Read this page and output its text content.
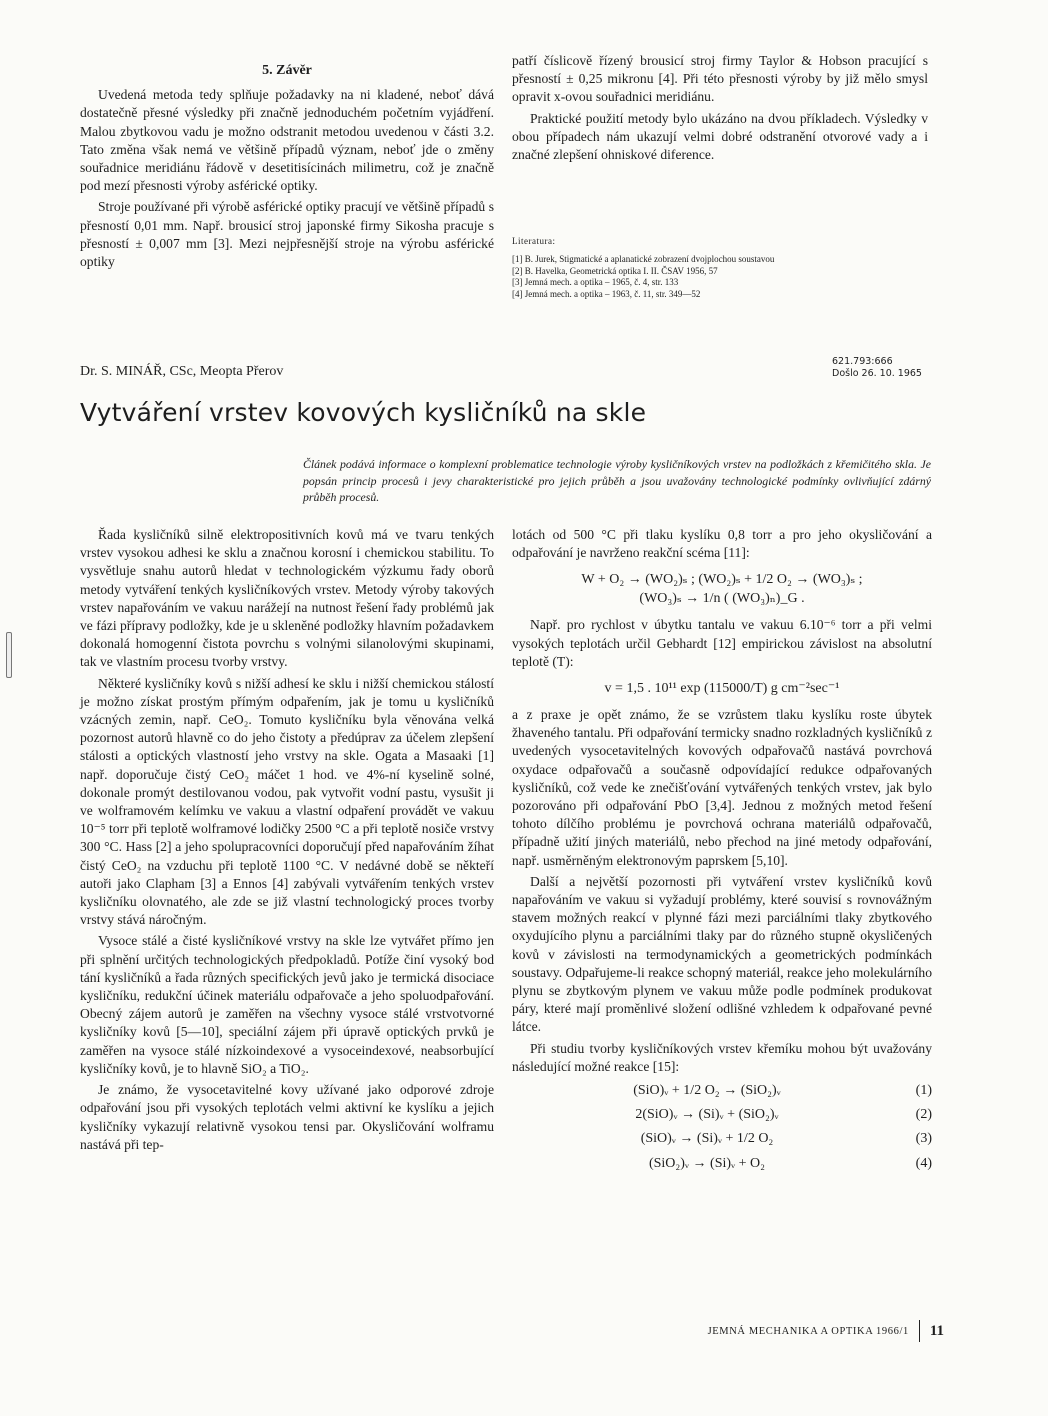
5. Závěr

Uvedená metoda tedy splňuje požadavky na ni kladené, neboť dává dostatečně přesné výsledky při značně jednoduchém početním vyjádření. Malou zbytkovou vadu je možno odstranit metodou uvedenou v části 3.2. Tato změna však nemá ve většině případů význam, neboť jde o změny souřadnice meridiánu řádově v desetitisícinách milimetru, což je značně pod mezí přesnosti výroby asférické optiky.

Stroje používané při výrobě asférické optiky pracují ve většině případů s přesností 0,01 mm. Např. brousicí stroj japonské firmy Sikosha pracuje s přesností ± 0,007 mm [3]. Mezi nejpřesnější stroje na výrobu asférické optiky

patří číslicově řízený brousicí stroj firmy Taylor & Hobson pracující s přesností ± 0,25 mikronu [4]. Při této přesnosti výroby by již mělo smysl opravit x-ovou souřadnici meridiánu.

Praktické použití metody bylo ukázáno na dvou příkladech. Výsledky v obou případech nám ukazují velmi dobré odstranění otvorové vady a i značné zlepšení ohniskové diference.

Literatura:
[1] B. Jurek, Stigmatické a aplanatické zobrazení dvojplochou soustavou
[2] B. Havelka, Geometrická optika I. II. ČSAV 1956, 57
[3] Jemná mech. a optika – 1965, č. 4, str. 133
[4] Jemná mech. a optika – 1963, č. 11, str. 349—52
Dr. S. MINÁŘ, CSc, Meopta Přerov
621.793:666
Došlo 26. 10. 1965
Vytváření vrstev kovových kysličníků na skle
Článek podává informace o komplexní problematice technologie výroby kysličníkových vrstev na podložkách z křemičitého skla. Je popsán princip procesů i jevy charakteristické pro jejich průběh a jsou uvažovány technologické podmínky ovlivňující zdárný průběh procesů.

Řada kysličníků silně elektropositivních kovů má ve tvaru tenkých vrstev vysokou adhesi ke sklu a značnou korosní i chemickou stabilitu. To vysvětluje snahu autorů hledat v technologickém výzkumu řady oborů metody vytváření tenkých kysličníkových vrstev. Metody výroby takových vrstev napařováním ve vakuu narážejí na nutnost řešení řady problémů jak ve fázi přípravy podložky, kde je u skleněné podložky hlavním požadavkem dokonalá homogenní čistota povrchu s volnými silanolovými skupinami, tak ve vlastním procesu tvorby vrstvy.

Některé kysličníky kovů s nižší adhesí ke sklu i nižší chemickou stálostí je možno získat prostým přímým odpařením, jak je tomu u kysličníků vzácných zemin, např. CeO₂. Tomuto kysličníku byla věnována velká pozornost autorů hlavně co do jeho čistoty a předúprav za účelem zlepšení stálosti a optických vlastností jeho vrstvy na skle. Ogata a Masaaki [1] např. doporučuje čistý CeO₂ máčet 1 hod. ve 4%-ní kyselině solné, dokonale promýt destilovanou vodou, pak vytvořit vodní pastu, vysušit ji ve wolframovém kelímku ve vakuu a vlastní odpaření provádět ve vakuu 10⁻⁵ torr při teplotě wolframové lodičky 2500 °C a při teplotě nosiče vrstvy 300 °C. Hass [2] a jeho spolupracovníci doporučují před napařováním žíhat čistý CeO₂ na vzduchu při teplotě 1100 °C. V nedávné době se někteří autoři jako Clapham [3] a Ennos [4] zabývali vytvářením tenkých vrstev kysličníku olovnatého, ale zde se již vlastní technologický proces tvorby vrstvy stává náročným.

Vysoce stálé a čisté kysličníkové vrstvy na skle lze vytvářet přímo jen při splnění určitých technologických předpokladů. Potíže činí vysoký bod tání kysličníků a řada různých specifických jevů jako je termická disociace kysličníku, redukční účinek materiálu odpařovače a jeho spoluodpařování. Obecný zájem autorů je zaměřen na všechny vysoce stálé vrstvotvorné kysličníky kovů [5—10], speciální zájem při úpravě optických prvků je zaměřen na vysoce stálé nízkoindexové a vysoceindexové, neabsorbující kysličníky kovů, je to hlavně SiO₂ a TiO₂.

Je známo, že vysocetavitelné kovy užívané jako odporové zdroje odpařování jsou při vysokých teplotách velmi aktivní ke kyslíku a jejich kysličníky vykazují relativně vysokou tensi par. Okysličování wolframu nastává při tep-

lotách od 500 °C při tlaku kyslíku 0,8 torr a pro jeho okysličování a odpařování je navrženo reakční scéma [11]:

W + O₂ → (WO₂)ₛ ; (WO₂)ₛ + 1/2 O₂ → (WO₃)ₛ ;
(WO₃)ₛ → 1/n ( (WO₃)ₙ)_G .

Např. pro rychlost v úbytku tantalu ve vakuu 6.10⁻⁶ torr a při velmi vysokých teplotách určil Gebhardt [12] empirickou závislost na absolutní teplotě (T):

v = 1,5 . 10¹¹ exp (115000/T) g cm⁻²sec⁻¹

a z praxe je opět známo, že se vzrůstem tlaku kyslíku roste úbytek žhaveného tantalu. Při odpařování termicky snadno rozkladných kysličníků z uvedených vysocetavitelných kovových odpařovačů nastává povrchová oxydace odpařovačů a současně odpovídající redukce odpařovaných kysličníků, což vede ke znečišťování vytvářených tenkých vrstev, jak bylo pozorováno při odpařování PbO [3,4]. Jednou z možných metod řešení tohoto dílčího problému je povrchová ochrana materiálů odpařovačů, případně užití jiných materiálů, nebo přechod na jiné metody odpařování, např. usměrněným elektronovým paprskem [5,10].

Další a největší pozornosti při vytváření vrstev kysličníků kovů napařováním ve vakuu si vyžadují problémy, které souvisí s rovnovážným stavem možných reakcí v plynné fázi mezi parciálními tlaky zbytkového oxydujícího plynu a parciálními tlaky par do různého stupně okysličených kovů v závislosti na termodynamických a geometrických podmínkách soustavy. Odpařujeme-li reakce schopný materiál, reakce jeho molekulárního plynu se zbytkovým plynem ve vakuu může podle podmínek produkovat páry, které mají proměnlivé složení odlišné vzhledem k odpařované pevné látce.

Při studiu tvorby kysličníkových vrstev křemíku mohou být uvažovány následující možné reakce [15]:

(SiO)ᵥ + 1/2 O₂ → (SiO₂)ᵥ	(1)
2(SiO)ᵥ → (Si)ᵥ + (SiO₂)ᵥ	(2)
(SiO)ᵥ → (Si)ᵥ + 1/2 O₂	(3)
(SiO₂)ᵥ → (Si)ᵥ + O₂	(4)
JEMNÁ MECHANIKA A OPTIKA 1966/1 11
